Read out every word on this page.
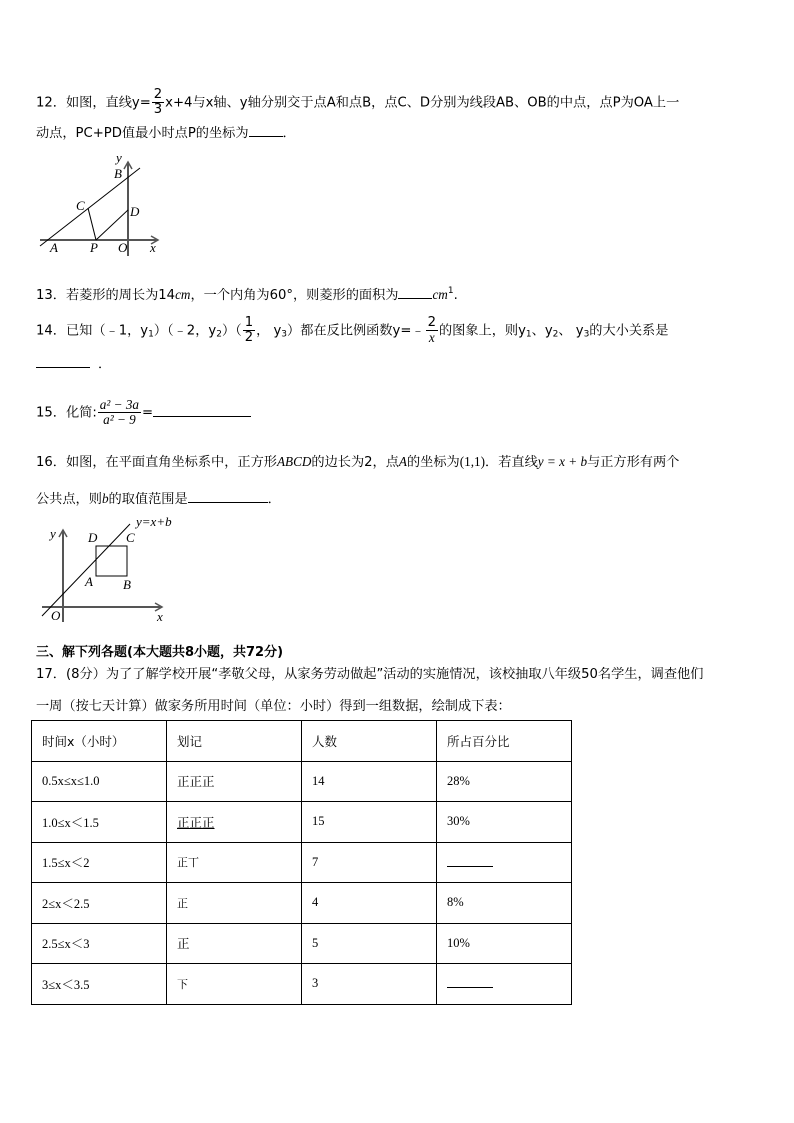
12．如图，直线$y= \frac{2}{3} x+4$与x轴、y轴分别交于点A和点B，点C、D分别为线段AB、OB的中点，点P为OA上一
动点，PC+PD值最小时点P的坐标为	．
y
B
C	D
A P O x
13．若菱形的周长为14cm，一个内角为60°，则菱形的面积为	$cm^1$.
14．已知（﹣1，$y_1)(﹣2$，$y_2)( \frac{1}{2}$ ， $y_3$）都在反比例函数y=﹣ $\frac{2}{x}$ 的图象上，则$y_1$、$y_2$、 $y_3$的大小关系是
．
15．化简: $\frac{\text{a² − 3a}}{\text{a² − 9}}$ =
16．如图，在平面直角坐标系中，正方形ABCD的边长为2，点A的坐标为(1,1)．若直线y = x + b与正方形有两个
公共点，则b的取值范围是	．
y=x+b
y D C
A B
O	x
三、解下列各题(本大题共8小题，共72分)
17．(8分）为了了解学校开展“孝敬父母，从家务劳动做起”活动的实施情况，该校抽取八年级50名学生，调查他们
一周（按七天计算）做家务所用时间（单位：小时）得到一组数据，绘制成下表：
时间x（小时）	划记	人数	所占百分比
0.5x≤x≤1.0	正正正	14	28%
1.0≤x＜1.5	正正正	15	30%
1.5≤x＜2	正丅	7	
2≤x＜2.5	正	4	8%
2.5≤x＜3	正	5	10%
3≤x＜3.5	下	3	
